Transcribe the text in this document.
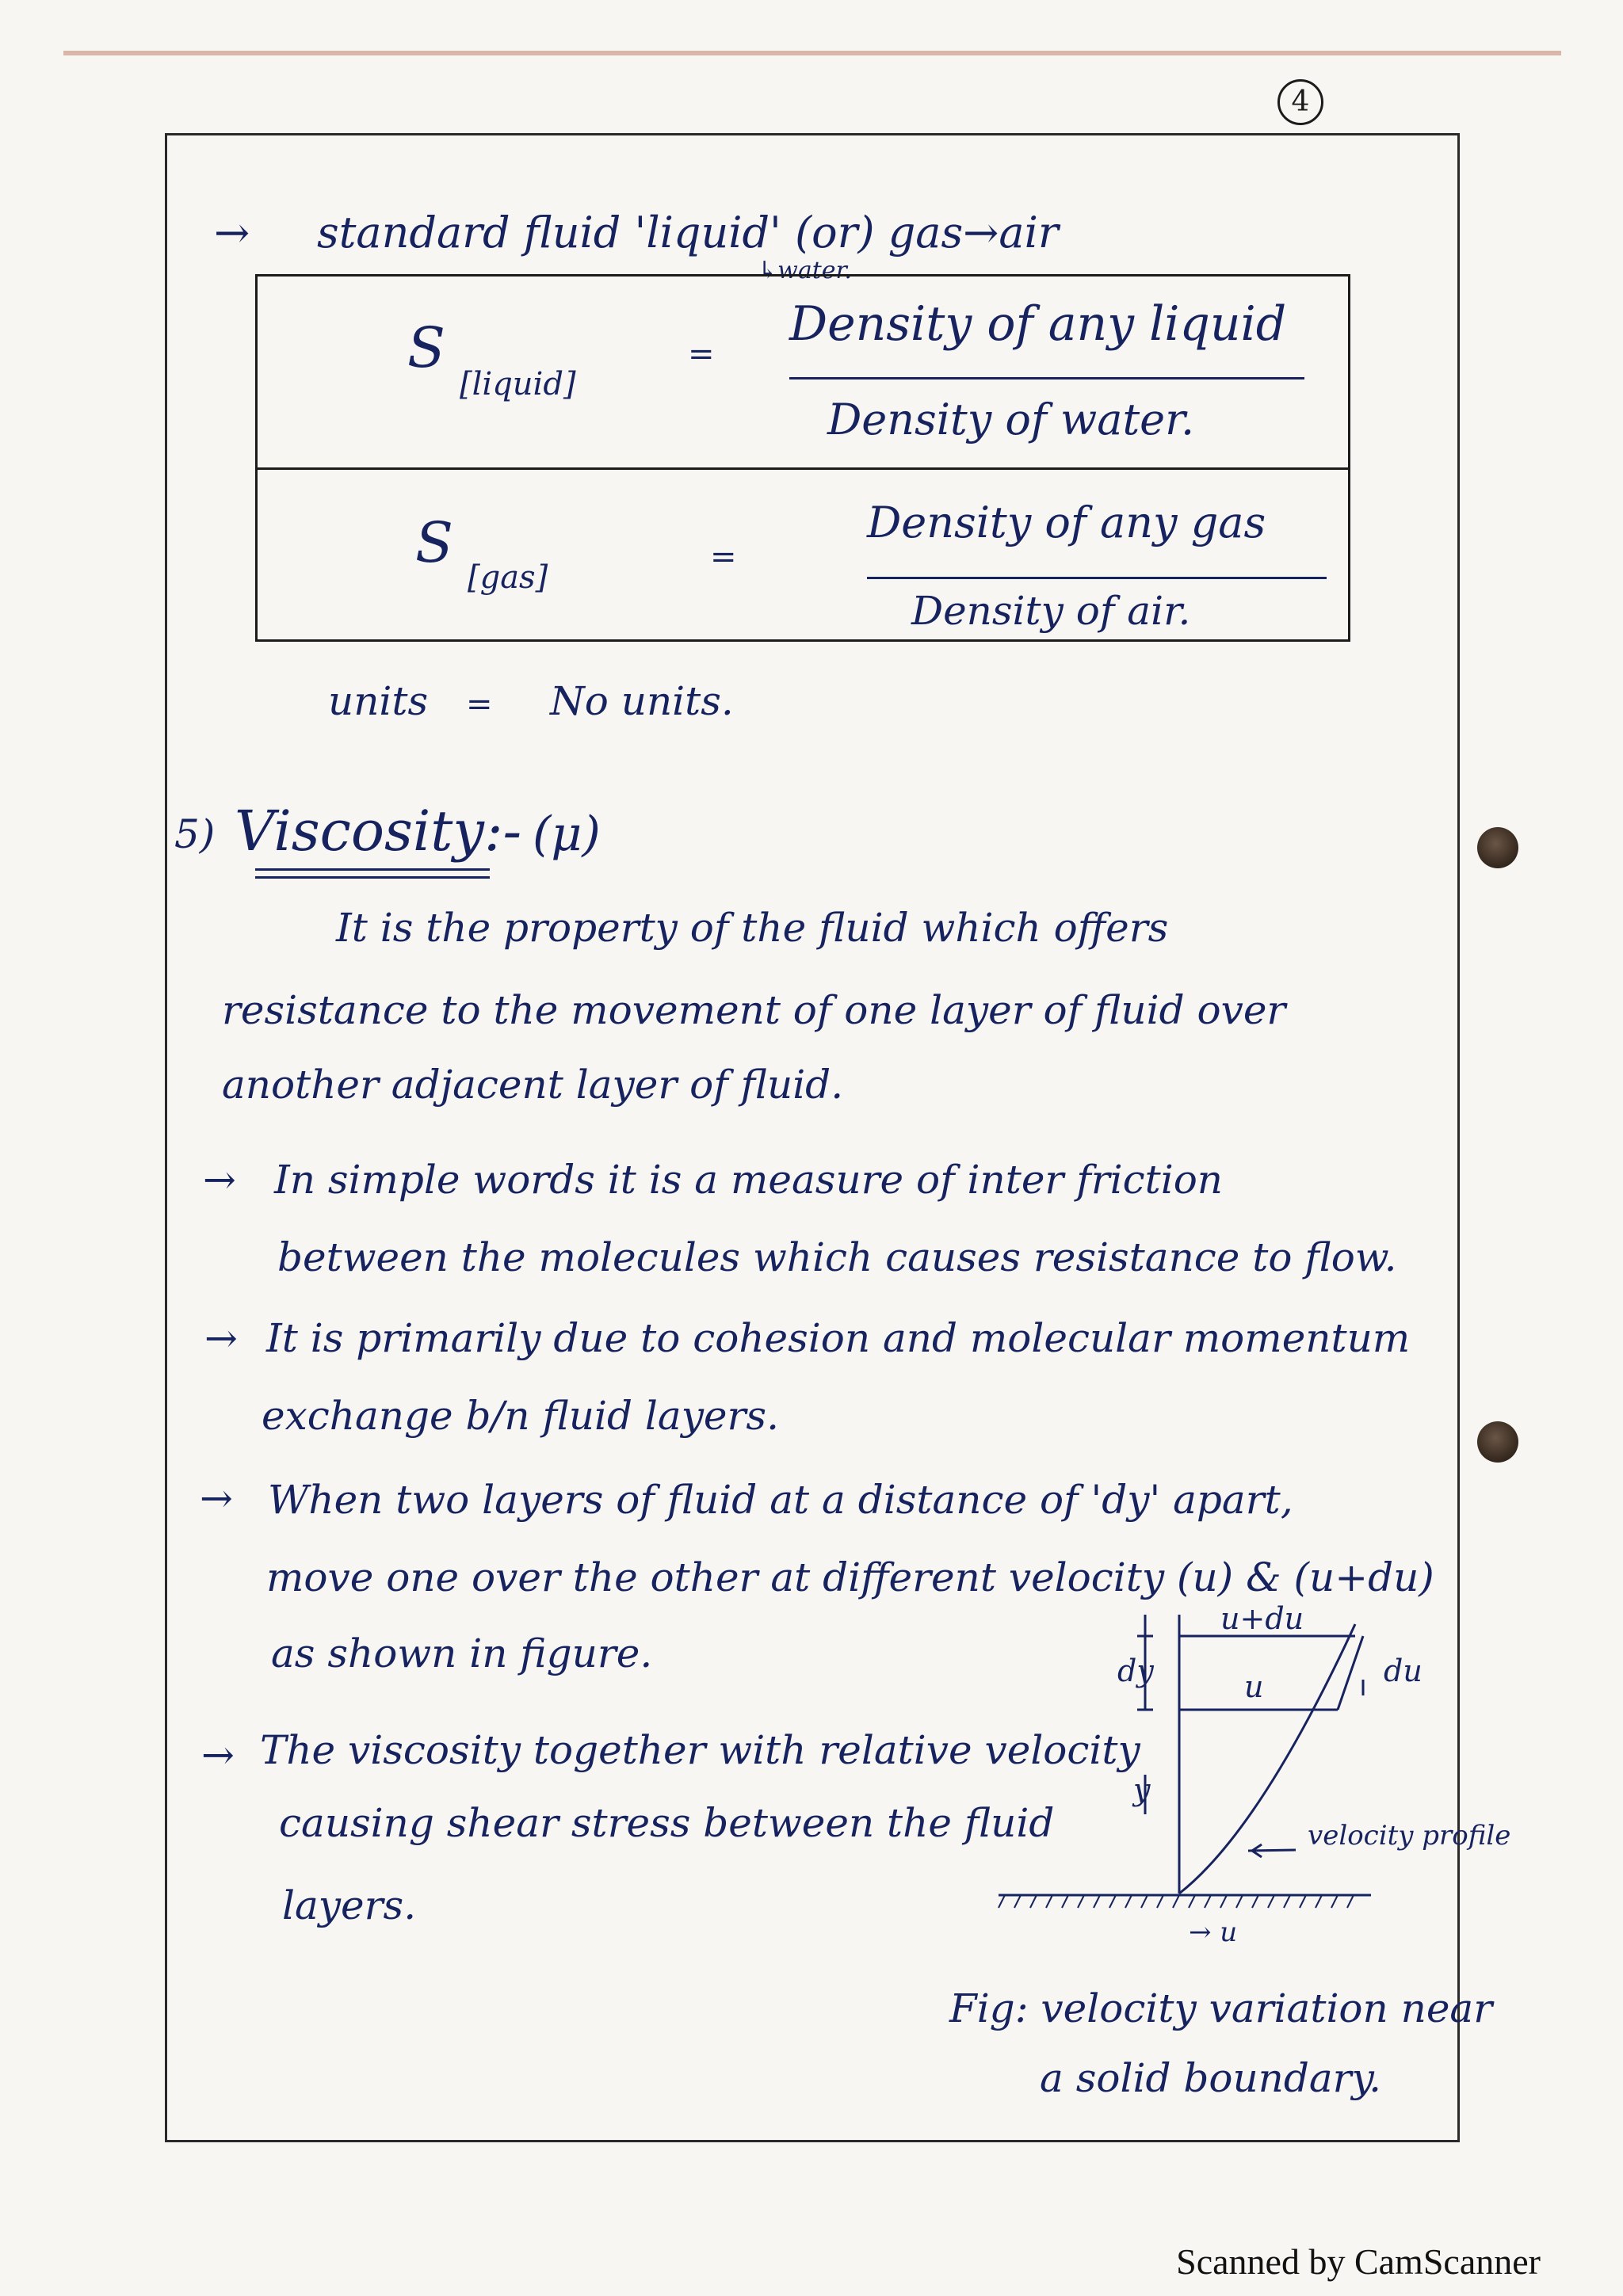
4
→ standard fluid 'liquid' (or) gas→air
↳water.
S
[liquid]
=
Density of any liquid
Density of water.
S
[gas]
=
Density of any gas
Density of air.
units = No units.
5) Viscosity:- (μ)
It is the property of the fluid which offers
resistance to the movement of one layer of fluid over
another adjacent layer of fluid.
→ In simple words it is a measure of inter friction
between the molecules which causes resistance to flow.
→ It is primarily due to cohesion and molecular momentum
exchange b/n fluid layers.
→ When two layers of fluid at a distance of 'dy' apart,
move one over the other at different velocity (u) & (u+du)
as shown in figure.
→ The viscosity together with relative velocity
causing shear stress between the fluid
layers.
u+du
dy	u	du
y
velocity profile
→ u
Fig: velocity variation near
a solid boundary.
Scanned by CamScanner
